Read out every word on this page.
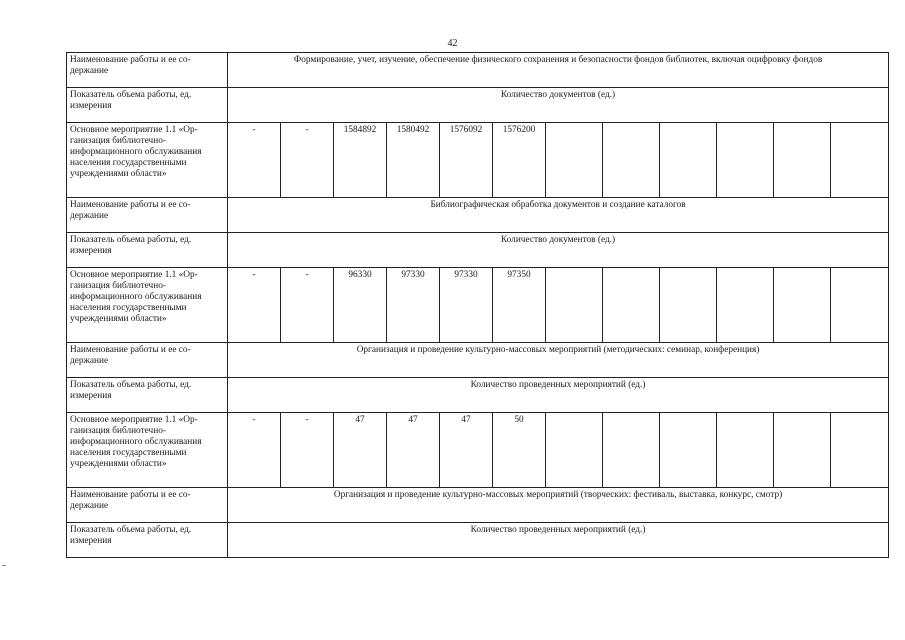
42
Наименование работы и ее со-
держание	Формирование, учет, изучение, обеспечение физического сохранения и безопасности фондов библиотек, включая оцифровку фондов											
Показатель объема работы, ед.
измерения	Количество документов (ед.)											
Основное мероприятие 1.1 «Ор-
ганизация библиотечно-
информационного обслуживания
населения государственными
учреждениями области»	-	-	1584892	1580492	1576092	1576200						
Наименование работы и ее со-
держание	Библиографическая обработка документов и создание каталогов											
Показатель объема работы, ед.
измерения	Количество документов (ед.)											
Основное мероприятие 1.1 «Ор-
ганизация библиотечно-
информационного обслуживания
населения государственными
учреждениями области»	-	-	96330	97330	97330	97350						
Наименование работы и ее со-
держание	Организация и проведение культурно-массовых мероприятий (методических: семинар, конференция)											
Показатель объема работы, ед.
измерения	Количество проведенных мероприятий (ед.)											
Основное мероприятие 1.1 «Ор-
ганизация библиотечно-
информационного обслуживания
населения государственными
учреждениями области»	-	-	47	47	47	50						
Наименование работы и ее со-
держание	Организация и проведение культурно-массовых мероприятий (творческих: фестиваль, выставка, конкурс, смотр)											
Показатель объема работы, ед.
измерения	Количество проведенных мероприятий (ед.)											
